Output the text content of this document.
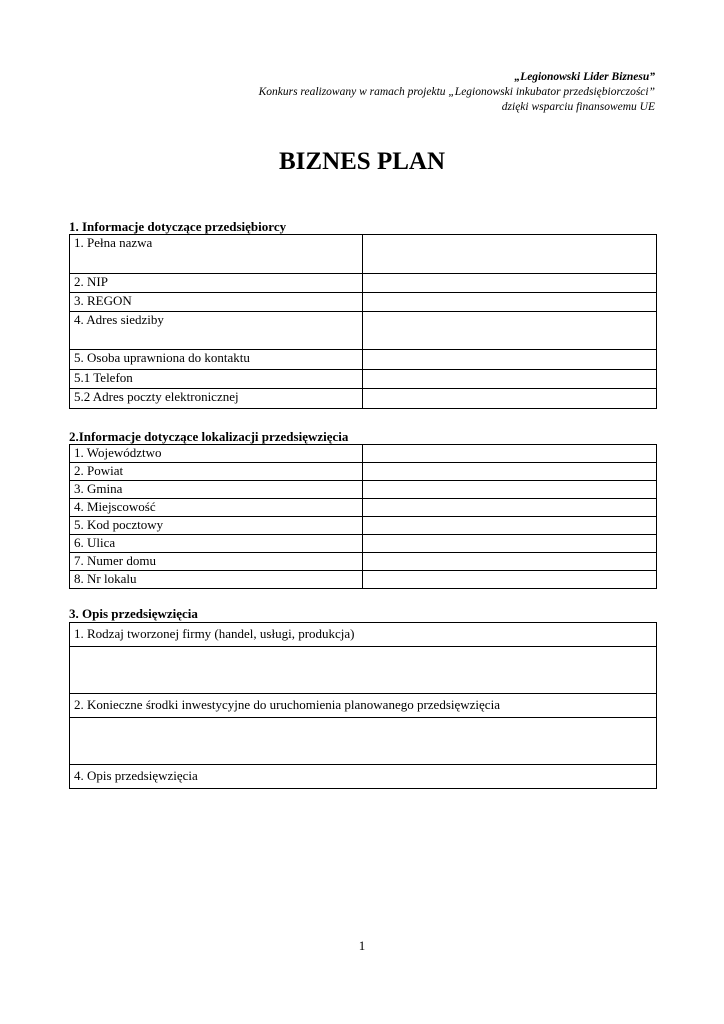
„Legionowski Lider Biznesu”
Konkurs realizowany w ramach projektu „Legionowski inkubator przedsiębiorczości”
dzięki wsparciu finansowemu UE
BIZNES PLAN
1. Informacje dotyczące przedsiębiorcy
1. Pełna nazwa	
2. NIP	
3. REGON	
4. Adres siedziby	
5. Osoba uprawniona do kontaktu	
5.1 Telefon	
5.2 Adres poczty elektronicznej	
2.Informacje dotyczące lokalizacji przedsięwzięcia
1. Województwo	
2. Powiat	
3. Gmina	
4. Miejscowość	
5. Kod pocztowy	
6. Ulica	
7. Numer domu	
8. Nr lokalu	
3. Opis przedsięwzięcia
1. Rodzaj tworzonej firmy (handel, usługi, produkcja)

2. Konieczne środki inwestycyjne do uruchomienia planowanego przedsięwzięcia

4. Opis przedsięwzięcia
1
